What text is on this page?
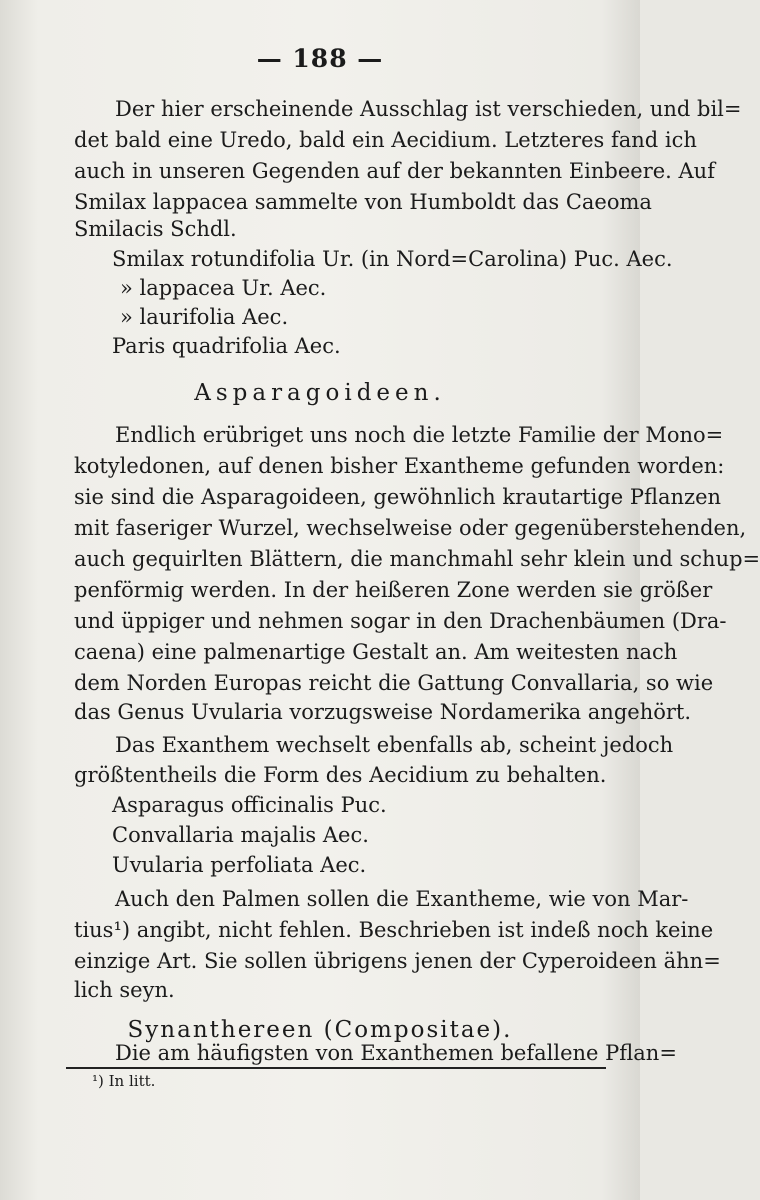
— 188 —
Der hier erscheinende Ausschlag ist verschieden, und bil=
det bald eine Uredo, bald ein Aecidium. Letzteres fand ich
auch in unseren Gegenden auf der bekannten Einbeere. Auf
Smilax lappacea sammelte von Humboldt das Caeoma
Smilacis Schdl.
Smilax rotundifolia Ur. (in Nord=Carolina) Puc. Aec.
» lappacea Ur. Aec.
» laurifolia Aec.
Paris quadrifolia Aec.
Asparagoideen.
Endlich erübriget uns noch die letzte Familie der Mono=
kotyledonen, auf denen bisher Exantheme gefunden worden:
sie sind die Asparagoideen, gewöhnlich krautartige Pflanzen
mit faseriger Wurzel, wechselweise oder gegenüberstehenden,
auch gequirlten Blättern, die manchmahl sehr klein und schup=
penförmig werden. In der heißeren Zone werden sie größer
und üppiger und nehmen sogar in den Drachenbäumen (Dra-
caena) eine palmenartige Gestalt an. Am weitesten nach
dem Norden Europas reicht die Gattung Convallaria, so wie
das Genus Uvularia vorzugsweise Nordamerika angehört.
Das Exanthem wechselt ebenfalls ab, scheint jedoch
größtentheils die Form des Aecidium zu behalten.
Asparagus officinalis Puc.
Convallaria majalis Aec.
Uvularia perfoliata Aec.
Auch den Palmen sollen die Exantheme, wie von Mar-
tius¹) angibt, nicht fehlen. Beschrieben ist indeß noch keine
einzige Art. Sie sollen übrigens jenen der Cyperoideen ähn=
lich seyn.
Synanthereen (Compositae).
Die am häufigsten von Exanthemen befallene Pflan=
¹) In litt.
